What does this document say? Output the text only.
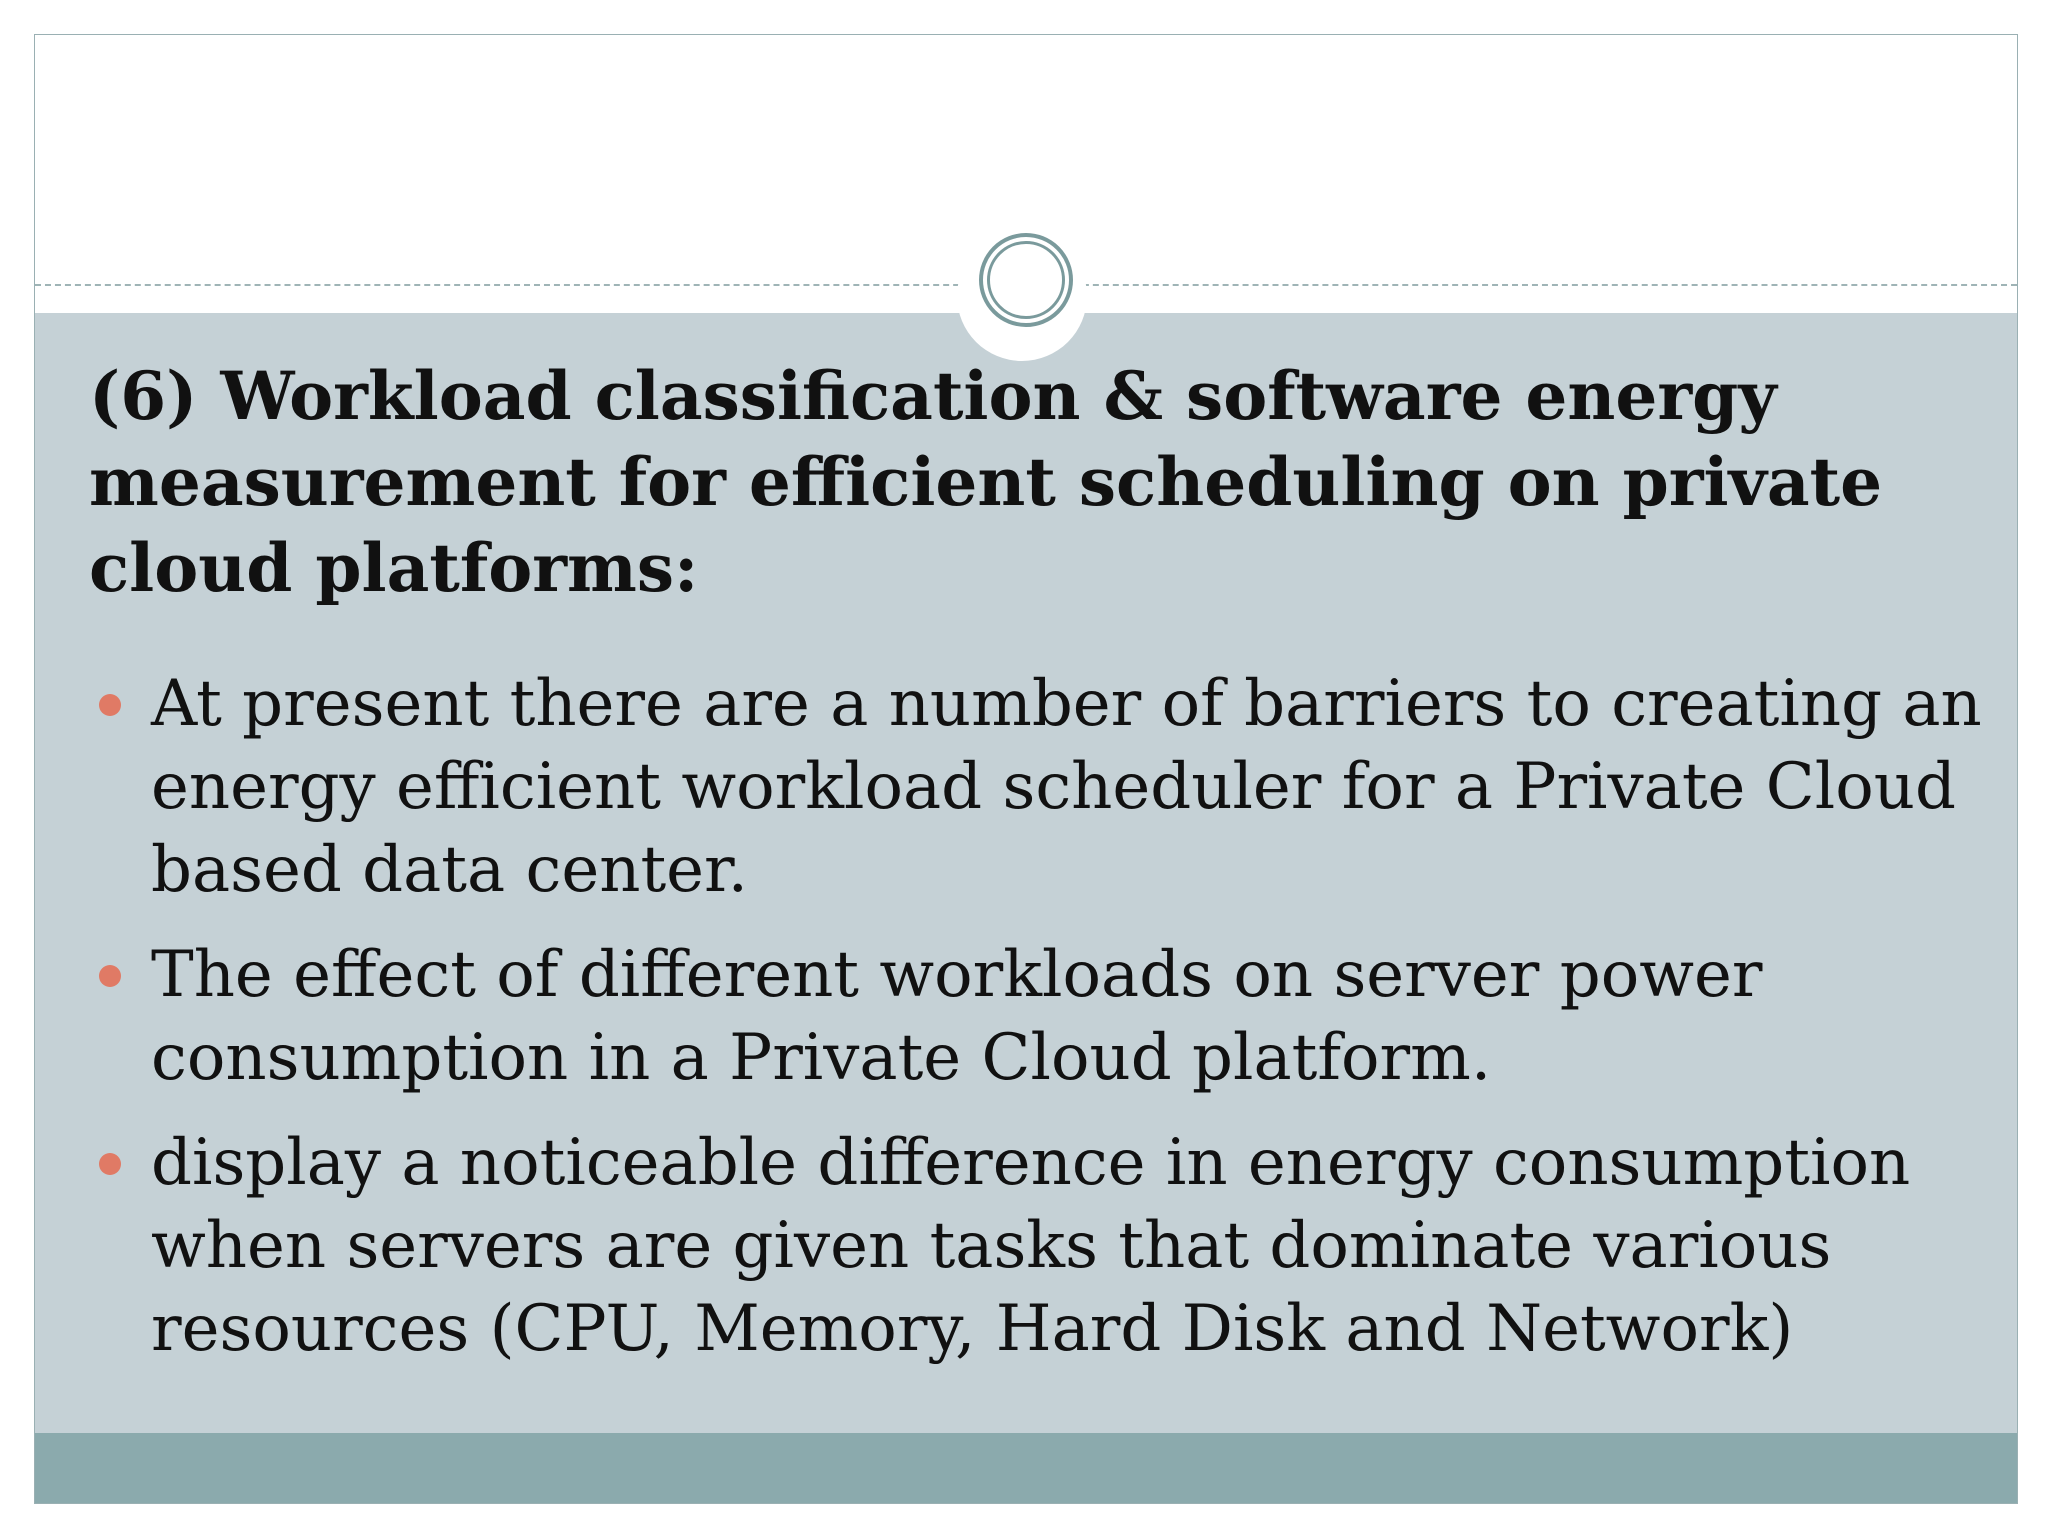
(6) Workload classification & software energy measurement for efficient scheduling on private cloud platforms:
At present there are a number of barriers to creating an energy efficient workload scheduler for a Private Cloud based data center.
The effect of different workloads on server power consumption in a Private Cloud platform.
display a noticeable difference in energy consumption when servers are given tasks that dominate various resources (CPU, Memory, Hard Disk and Network)
